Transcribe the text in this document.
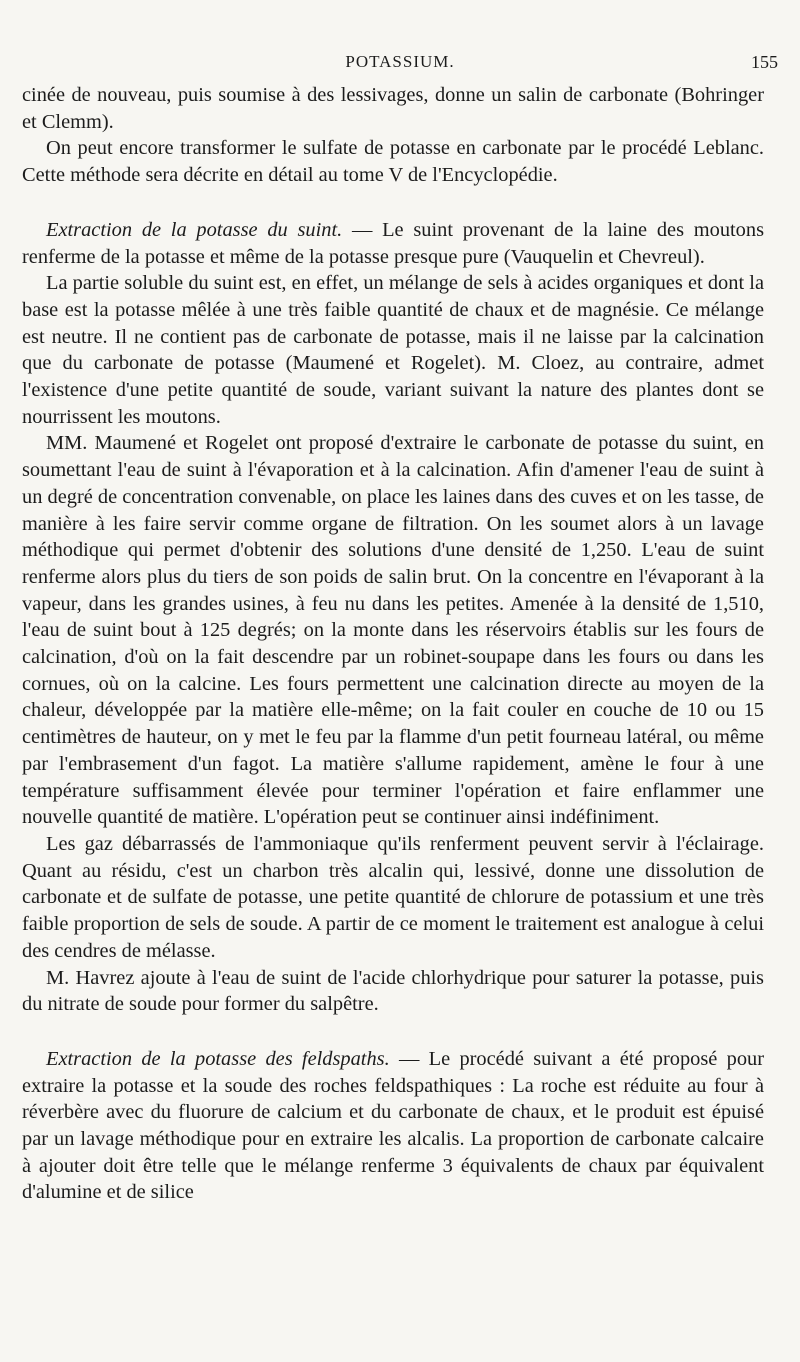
POTASSIUM.	155

cinée de nouveau, puis soumise à des lessivages, donne un salin de carbonate (Bohringer et Clemm).

On peut encore transformer le sulfate de potasse en carbonate par le procédé Leblanc. Cette méthode sera décrite en détail au tome V de l'Encyclopédie.

Extraction de la potasse du suint. — Le suint provenant de la laine des moutons renferme de la potasse et même de la potasse presque pure (Vauquelin et Chevreul).

La partie soluble du suint est, en effet, un mélange de sels à acides organiques et dont la base est la potasse mêlée à une très faible quantité de chaux et de magnésie. Ce mélange est neutre. Il ne contient pas de carbonate de potasse, mais il ne laisse par la calcination que du carbonate de potasse (Maumené et Rogelet). M. Cloez, au contraire, admet l'existence d'une petite quantité de soude, variant suivant la nature des plantes dont se nourrissent les moutons.

MM. Maumené et Rogelet ont proposé d'extraire le carbonate de potasse du suint, en soumettant l'eau de suint à l'évaporation et à la calcination. Afin d'amener l'eau de suint à un degré de concentration convenable, on place les laines dans des cuves et on les tasse, de manière à les faire servir comme organe de filtration. On les soumet alors à un lavage méthodique qui permet d'obtenir des solutions d'une densité de 1,250. L'eau de suint renferme alors plus du tiers de son poids de salin brut. On la concentre en l'évaporant à la vapeur, dans les grandes usines, à feu nu dans les petites. Amenée à la densité de 1,510, l'eau de suint bout à 125 degrés; on la monte dans les réservoirs établis sur les fours de calcination, d'où on la fait descendre par un robinet-soupape dans les fours ou dans les cornues, où on la calcine. Les fours permettent une calcination directe au moyen de la chaleur, développée par la matière elle-même; on la fait couler en couche de 10 ou 15 centimètres de hauteur, on y met le feu par la flamme d'un petit fourneau latéral, ou même par l'embrasement d'un fagot. La matière s'allume rapidement, amène le four à une température suffisamment élevée pour terminer l'opération et faire enflammer une nouvelle quantité de matière. L'opération peut se continuer ainsi indéfiniment.

Les gaz débarrassés de l'ammoniaque qu'ils renferment peuvent servir à l'éclairage. Quant au résidu, c'est un charbon très alcalin qui, lessivé, donne une dissolution de carbonate et de sulfate de potasse, une petite quantité de chlorure de potassium et une très faible proportion de sels de soude. A partir de ce moment le traitement est analogue à celui des cendres de mélasse.

M. Havrez ajoute à l'eau de suint de l'acide chlorhydrique pour saturer la potasse, puis du nitrate de soude pour former du salpêtre.

Extraction de la potasse des feldspaths. — Le procédé suivant a été proposé pour extraire la potasse et la soude des roches feldspathiques : La roche est réduite au four à réverbère avec du fluorure de calcium et du carbonate de chaux, et le produit est épuisé par un lavage méthodique pour en extraire les alcalis. La proportion de carbonate calcaire à ajouter doit être telle que le mélange renferme 3 équivalents de chaux par équivalent d'alumine et de silice
